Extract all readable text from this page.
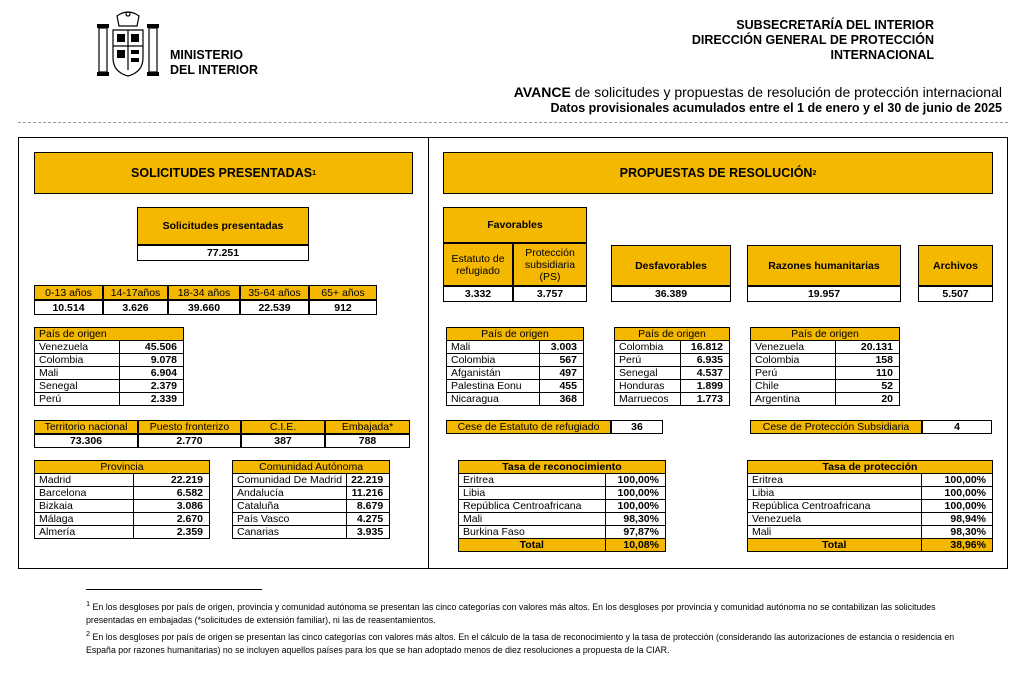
MINISTERIO
DEL INTERIOR
SUBSECRETARÍA DEL INTERIOR
DIRECCIÓN GENERAL DE PROTECCIÓN
INTERNACIONAL
AVANCE de solicitudes y propuestas de resolución de protección internacional
Datos provisionales acumulados entre el 1 de enero y el 30 de junio de 2025
SOLICITUDES PRESENTADAS 1
Solicitudes presentadas
77.251
0-13 años
10.514
14-17años
3.626
18-34 años
39.660
35-64 años
22.539
65+ años
912
País de origen	
Venezuela	45.506
Colombia	9.078
Mali	6.904
Senegal	2.379
Perú	2.339
Territorio nacional
73.306
Puesto fronterizo
2.770
C.I.E.
387
Embajada*
788
Provincia	
Madrid	22.219
Barcelona	6.582
Bizkaia	3.086
Málaga	2.670
Almería	2.359
Comunidad Autónoma	
Comunidad De Madrid	22.219
Andalucía	11.216
Cataluña	8.679
País Vasco	4.275
Canarias	3.935
PROPUESTAS DE RESOLUCIÓN 2
Favorables
Estatuto de refugiado
Protección subsidiaria (PS)
3.332	3.757
Desfavorables
36.389
Razones humanitarias
19.957
Archivos
5.507
País de origen	
Mali	3.003
Colombia	567
Afganistán	497
Palestina Eonu	455
Nicaragua	368
País de origen	
Colombia	16.812
Perú	6.935
Senegal	4.537
Honduras	1.899
Marruecos	1.773
País de origen	
Venezuela	20.131
Colombia	158
Perú	110
Chile	52
Argentina	20
Cese de Estatuto de refugiado	36	Cese de Protección Subsidiaria	4
Tasa de reconocimiento	
Eritrea	100,00%
Libia	100,00%
República Centroafricana	100,00%
Mali	98,30%
Burkina Faso	97,87%
Total	10,08%
Tasa de protección	
Eritrea	100,00%
Libia	100,00%
República Centroafricana	100,00%
Venezuela	98,94%
Mali	98,30%
Total	38,96%
$^1$ En los desgloses por país de origen, provincia y comunidad autónoma se presentan las cinco categorías con valores más altos. En los desgloses por provincia y comunidad autónoma no se contabilizan las solicitudes presentadas en embajadas (*solicitudes de extensión familiar), ni las de reasentamientos.
$^2$ En los desgloses por país de origen se presentan las cinco categorías con valores más altos. En el cálculo de la tasa de reconocimiento y la tasa de protección (considerando las autorizaciones de estancia o residencia en España por razones humanitarias) no se incluyen aquellos países para los que se han adoptado menos de diez resoluciones a propuesta de la CIAR.
